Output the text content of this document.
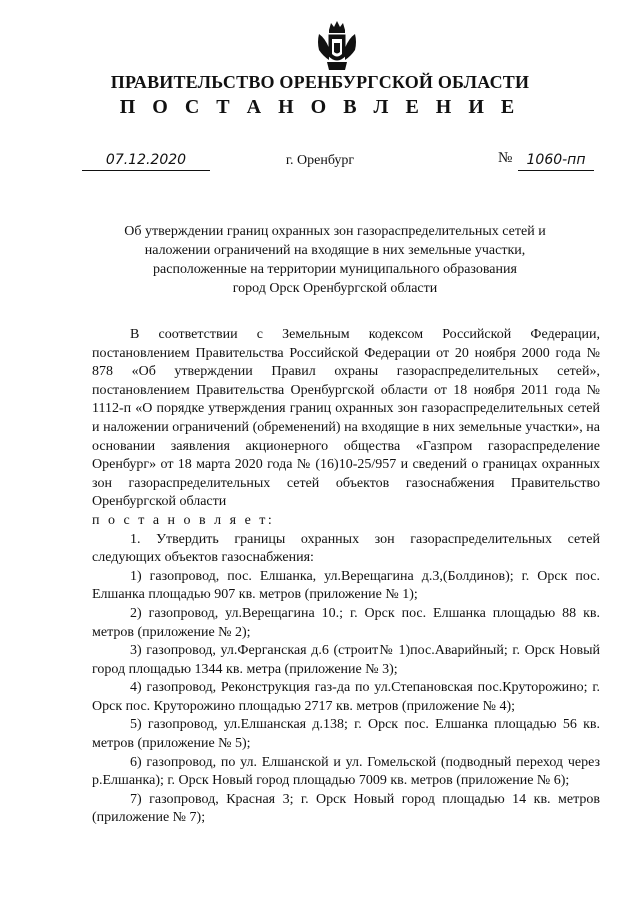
ПРАВИТЕЛЬСТВО ОРЕНБУРГСКОЙ ОБЛАСТИ
П О С Т А Н О В Л Е Н И Е
07.12.2020	г. Оренбург	№	1060-пп
Об утверждении границ охранных зон газораспределительных сетей и
наложении ограничений на входящие в них земельные участки,
расположенные на территории муниципального образования
город Орск Оренбургской области

В соответствии с Земельным кодексом Российской Федерации, постановлением Правительства Российской Федерации от 20 ноября 2000 года № 878 «Об утверждении Правил охраны газораспределительных сетей», постановлением Правительства Оренбургской области от 18 ноября 2011 года № 1112-п «О порядке утверждения границ охранных зон газораспределительных сетей и наложении ограничений (обременений) на входящие в них земельные участки», на основании заявления акционерного общества «Газпром газораспределение Оренбург» от 18 марта 2020 года № (16)10-25/957 и сведений о границах охранных зон газораспределительных сетей объектов газоснабжения Правительство Оренбургской области

п о с т а н о в л я е т:

1. Утвердить границы охранных зон газораспределительных сетей следующих объектов газоснабжения:

1) газопровод, пос. Елшанка, ул.Верещагина д.3,(Болдинов); г. Орск пос. Елшанка площадью 907 кв. метров (приложение № 1);

2) газопровод, ул.Верещагина 10.; г. Орск пос. Елшанка площадью 88 кв. метров (приложение № 2);

3) газопровод, ул.Ферганская д.6 (строит№ 1)пос.Аварийный; г. Орск Новый город площадью 1344 кв. метра (приложение № 3);

4) газопровод, Реконструкция газ-да по ул.Степановская пос.Круторожино; г. Орск пос. Круторожино площадью 2717 кв. метров (приложение № 4);

5) газопровод, ул.Елшанская д.138; г. Орск пос. Елшанка площадью 56 кв. метров (приложение № 5);

6) газопровод, по ул. Елшанской и ул. Гомельской (подводный переход через р.Елшанка); г. Орск Новый город площадью 7009 кв. метров (приложение № 6);

7) газопровод, Красная 3; г. Орск Новый город площадью 14 кв. метров (приложение № 7);
